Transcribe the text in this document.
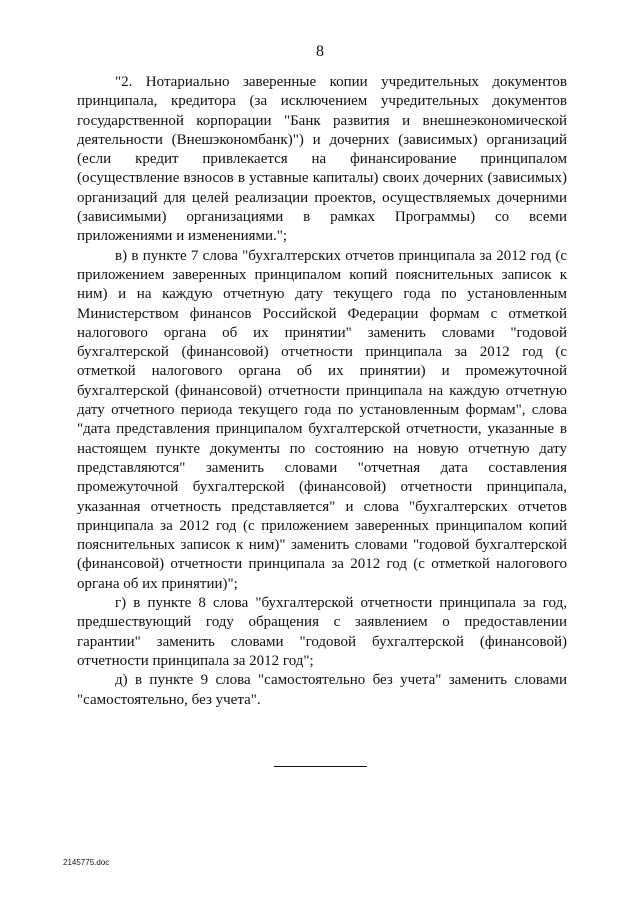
8

"2. Нотариально заверенные копии учредительных документов принципала, кредитора (за исключением учредительных документов государственной корпорации "Банк развития и внешнеэкономической деятельности (Внешэкономбанк)") и дочерних (зависимых) организаций (если кредит привлекается на финансирование принципалом (осуществление взносов в уставные капиталы) своих дочерних (зависимых) организаций для целей реализации проектов, осуществляемых дочерними (зависимыми) организациями в рамках Программы) со всеми приложениями и изменениями.";

в) в пункте 7 слова "бухгалтерских отчетов принципала за 2012 год (с приложением заверенных принципалом копий пояснительных записок к ним) и на каждую отчетную дату текущего года по установленным Министерством финансов Российской Федерации формам с отметкой налогового органа об их принятии" заменить словами "годовой бухгалтерской (финансовой) отчетности принципала за 2012 год (с отметкой налогового органа об их принятии) и промежуточной бухгалтерской (финансовой) отчетности принципала на каждую отчетную дату отчетного периода текущего года по установленным формам", слова "дата представления принципалом бухгалтерской отчетности, указанные в настоящем пункте документы по состоянию на новую отчетную дату представляются" заменить словами "отчетная дата составления промежуточной бухгалтерской (финансовой) отчетности принципала, указанная отчетность представляется" и слова "бухгалтерских отчетов принципала за 2012 год (с приложением заверенных принципалом копий пояснительных записок к ним)" заменить словами "годовой бухгалтерской (финансовой) отчетности принципала за 2012 год (с отметкой налогового органа об их принятии)";

г) в пункте 8 слова "бухгалтерской отчетности принципала за год, предшествующий году обращения с заявлением о предоставлении гарантии" заменить словами "годовой бухгалтерской (финансовой) отчетности принципала за 2012 год";

д) в пункте 9 слова "самостоятельно без учета" заменить словами "самостоятельно, без учета".

2145775.doc
